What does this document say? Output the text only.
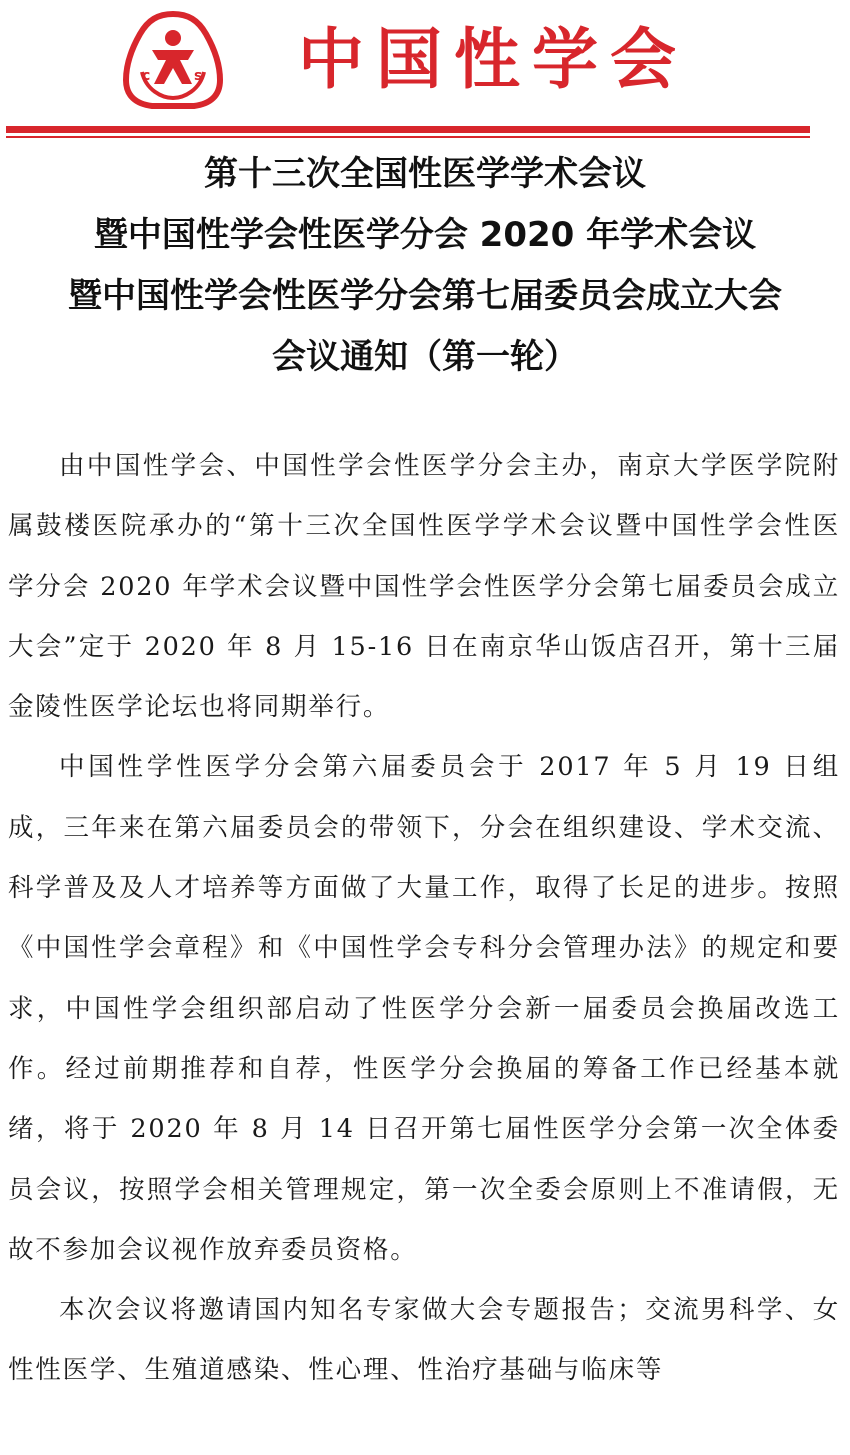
c	s 中国性学会
第十三次全国性医学学术会议
暨中国性学会性医学分会 2020 年学术会议
暨中国性学会性医学分会第七届委员会成立大会
会议通知（第一轮）

由中国性学会、中国性学会性医学分会主办，南京大学医学院附属鼓楼医院承办的“第十三次全国性医学学术会议暨中国性学会性医学分会 2020 年学术会议暨中国性学会性医学分会第七届委员会成立大会”定于 2020 年 8 月 15-16 日在南京华山饭店召开，第十三届金陵性医学论坛也将同期举行。

中国性学性医学分会第六届委员会于 2017 年 5 月 19 日组成，三年来在第六届委员会的带领下，分会在组织建设、学术交流、科学普及及人才培养等方面做了大量工作，取得了长足的进步。按照《中国性学会章程》和《中国性学会专科分会管理办法》的规定和要求，中国性学会组织部启动了性医学分会新一届委员会换届改选工作。经过前期推荐和自荐，性医学分会换届的筹备工作已经基本就绪，将于 2020 年 8 月 14 日召开第七届性医学分会第一次全体委员会议，按照学会相关管理规定，第一次全委会原则上不准请假，无故不参加会议视作放弃委员资格。

本次会议将邀请国内知名专家做大会专题报告；交流男科学、女性性医学、生殖道感染、性心理、性治疗基础与临床等
